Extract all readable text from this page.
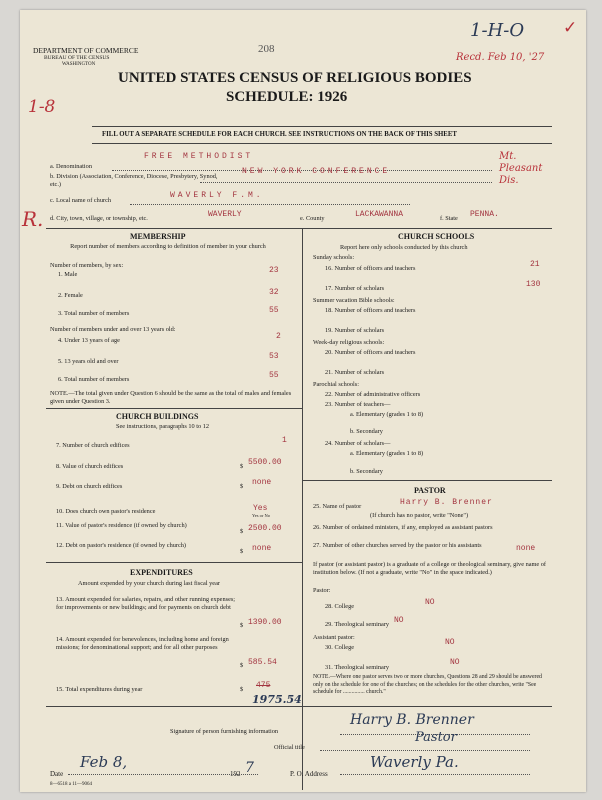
DEPARTMENT OF COMMERCE
BUREAU OF THE CENSUS
WASHINGTON
208
1-H-O ✓
Recd. Feb 10, '27
UNITED STATES CENSUS OF RELIGIOUS BODIES
SCHEDULE: 1926
1-8
FILL OUT A SEPARATE SCHEDULE FOR EACH CHURCH. SEE INSTRUCTIONS ON THE BACK OF THIS SHEET
a. Denomination
FREE METHODIST
b. Division (Association, Conference, Diocese, Presbytery, Synod, etc.)
NEW YORK CONFERENCE
Mt. Pleasant Dis.
c. Local name of church
WAVERLY F.M.
R. d. City, town, village, or township, etc.	WAVERLY	e. County	LACKAWANNA	f. State PENNA.
MEMBERSHIP
Report number of members according to definition of member in your church
Number of members, by sex:
1. Male	23
2. Female	32
3. Total number of members	55
Number of members under and over 13 years old:
4. Under 13 years of age	2
5. 13 years old and over
53
6. Total number of members	55
NOTE.—The total given under Question 6 should be the same as the total of males and females given under Question 3.
CHURCH BUILDINGS
See instructions, paragraphs 10 to 12
7. Number of church edifices
1
8. Value of church edifices	$ 5500.00
9. Debt on church edifices	$ none
10. Does church own pastor's residence	Yes
Yes or No
11. Value of pastor's residence (if owned by church)
$ 2500.00
12. Debt on pastor's residence (if owned by church)
$ none
EXPENDITURES
Amount expended by your church during last fiscal year
13. Amount expended for salaries, repairs, and other running expenses; for improvements or new buildings; and for payments on church debt
$ 1390.00
14. Amount expended for benevolences, including home and foreign missions; for denominational support; and for all other purposes
$ 585.54
15. Total expenditures during year	$ 475
1975.54
CHURCH SCHOOLS
Report here only schools conducted by this church
Sunday schools:
16. Number of officers and teachers	21
17. Number of scholars	130
Summer vacation Bible schools:
18. Number of officers and teachers
19. Number of scholars
Week-day religious schools:
20. Number of officers and teachers
21. Number of scholars
Parochial schools:
22. Number of administrative officers
23. Number of teachers—
a. Elementary (grades 1 to 8)
b. Secondary
24. Number of scholars—
a. Elementary (grades 1 to 8)
b. Secondary
PASTOR
25. Name of pastor	Harry B. Brenner
(If church has no pastor, write "None")
26. Number of ordained ministers, if any, employed as assistant pastors
27. Number of other churches served by the pastor or his assistants	none
If pastor (or assistant pastor) is a graduate of a college or theological seminary, give name of institution below. (If not a graduate, write "No" in the space indicated.)
Pastor:
28. College	NO
29. Theological seminary NO
Assistant pastor:
30. College
NO
31. Theological seminary
NO
NOTE.—Where one pastor serves two or more churches, Questions 28 and 29 should be answered only on the schedule for one of the churches; on the schedules for the other churches, write "See schedule for ............... church."
Signature of person furnishing information
Harry B. Brenner
Official title
Pastor
Date
Feb 8,
192 7	P. O. Address
Waverly Pa.
8—6518 a 11—9064
